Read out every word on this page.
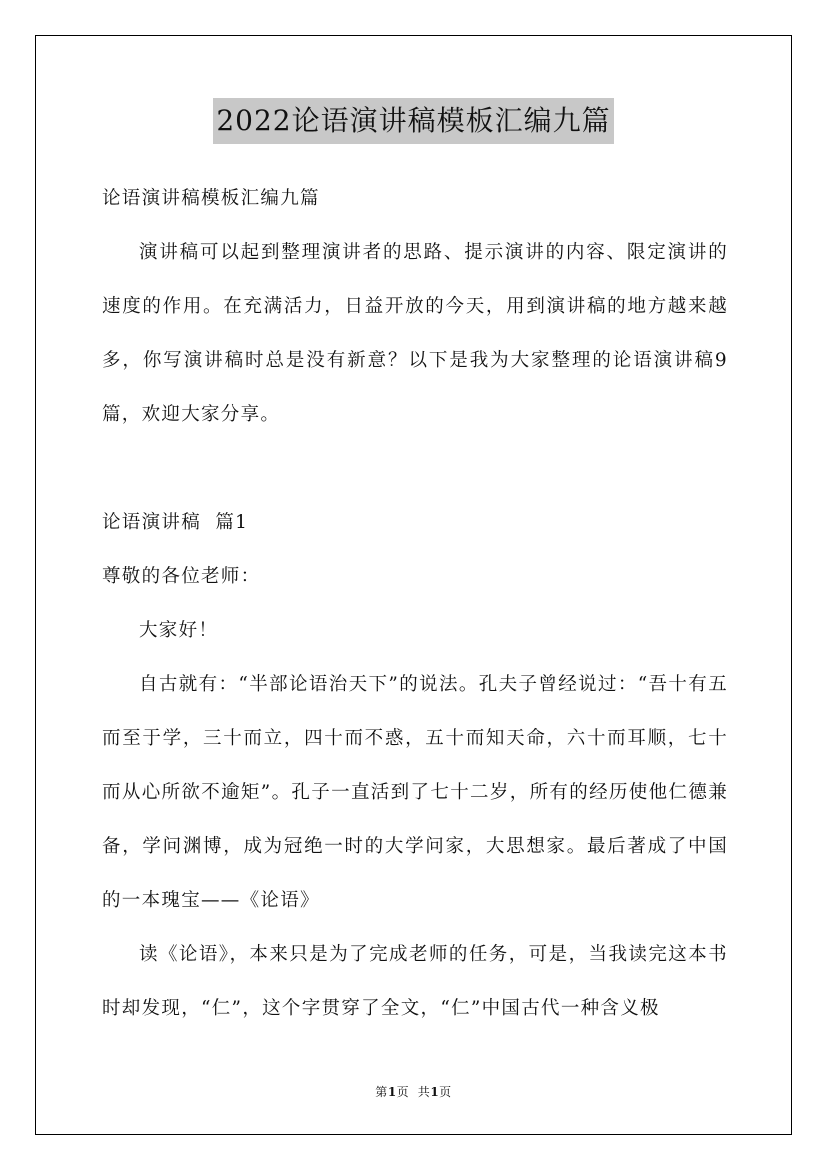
2022论语演讲稿模板汇编九篇

论语演讲稿模板汇编九篇

演讲稿可以起到整理演讲者的思路、提示演讲的内容、限定演讲的速度的作用。在充满活力，日益开放的今天，用到演讲稿的地方越来越多，你写演讲稿时总是没有新意？以下是我为大家整理的论语演讲稿9篇，欢迎大家分享。

论语演讲稿  篇1

尊敬的各位老师：

大家好！

自古就有：“半部论语治天下”的说法。孔夫子曾经说过：“吾十有五而至于学，三十而立，四十而不惑，五十而知天命，六十而耳顺，七十而从心所欲不逾矩”。孔子一直活到了七十二岁，所有的经历使他仁德兼备，学问渊博，成为冠绝一时的大学问家，大思想家。最后著成了中国的一本瑰宝——《论语》

读《论语》，本来只是为了完成老师的任务，可是，当我读完这本书时却发现，“仁”，这个字贯穿了全文，“仁”中国古代一种含义极

第1页  共1页
